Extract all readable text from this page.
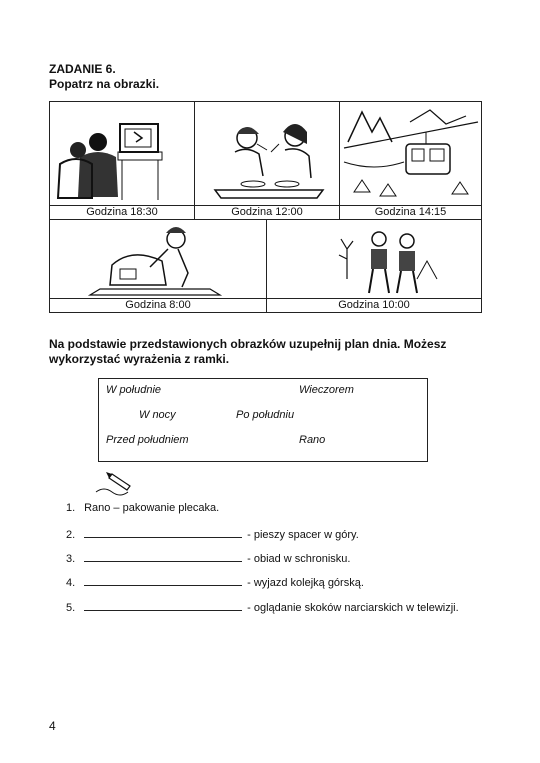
ZADANIE 6.
Popatrz na obrazki.
Godzina 18:30	Godzina 12:00	Godzina 14:15
Godzina 8:00	Godzina 10:00
Na podstawie przedstawionych obrazków uzupełnij plan dnia. Możesz wykorzystać wyrażenia z ramki.
W południe	Wieczorem
W nocy	Po południu
Przed południem	Rano
1. Rano – pakowanie plecaka.
2.	- pieszy spacer w góry.
3.	- obiad w schronisku.
4.	- wyjazd kolejką górską.
5.	- oglądanie skoków narciarskich w telewizji.
4
